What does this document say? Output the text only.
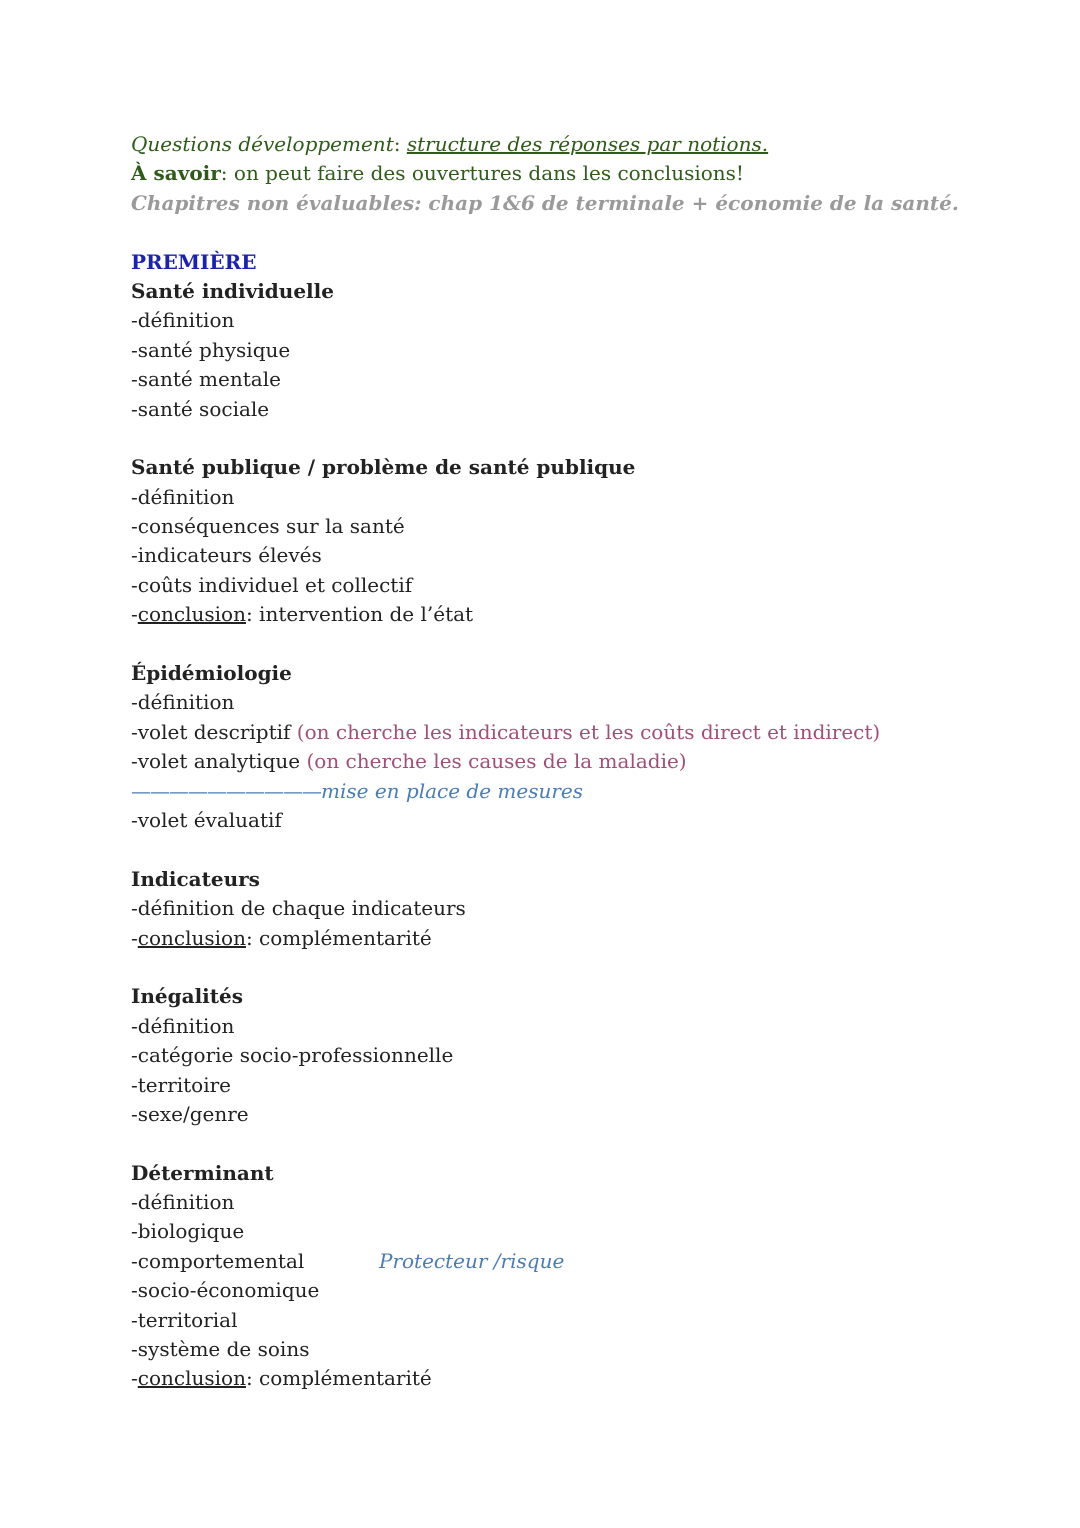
Questions développement: structure des réponses par notions.
À savoir: on peut faire des ouvertures dans les conclusions!
Chapitres non évaluables: chap 1&6 de terminale + économie de la santé.
PREMIÈRE
Santé individuelle
-définition
-santé physique
-santé mentale
-santé sociale
Santé publique / problème de santé publique
-définition
-conséquences sur la santé
-indicateurs élevés
-coûts individuel et collectif
-conclusion: intervention de l’état
Épidémiologie
-définition
-volet descriptif (on cherche les indicateurs et les coûts direct et indirect)
-volet analytique (on cherche les causes de la maladie)
——————————mise en place de mesures
-volet évaluatif
Indicateurs
-définition de chaque indicateurs
-conclusion: complémentarité
Inégalités
-définition
-catégorie socio-professionnelle
-territoire
-sexe/genre
Déterminant
-définition
-biologique
-comportemental	Protecteur /risque
-socio-économique
-territorial
-système de soins
-conclusion: complémentarité
